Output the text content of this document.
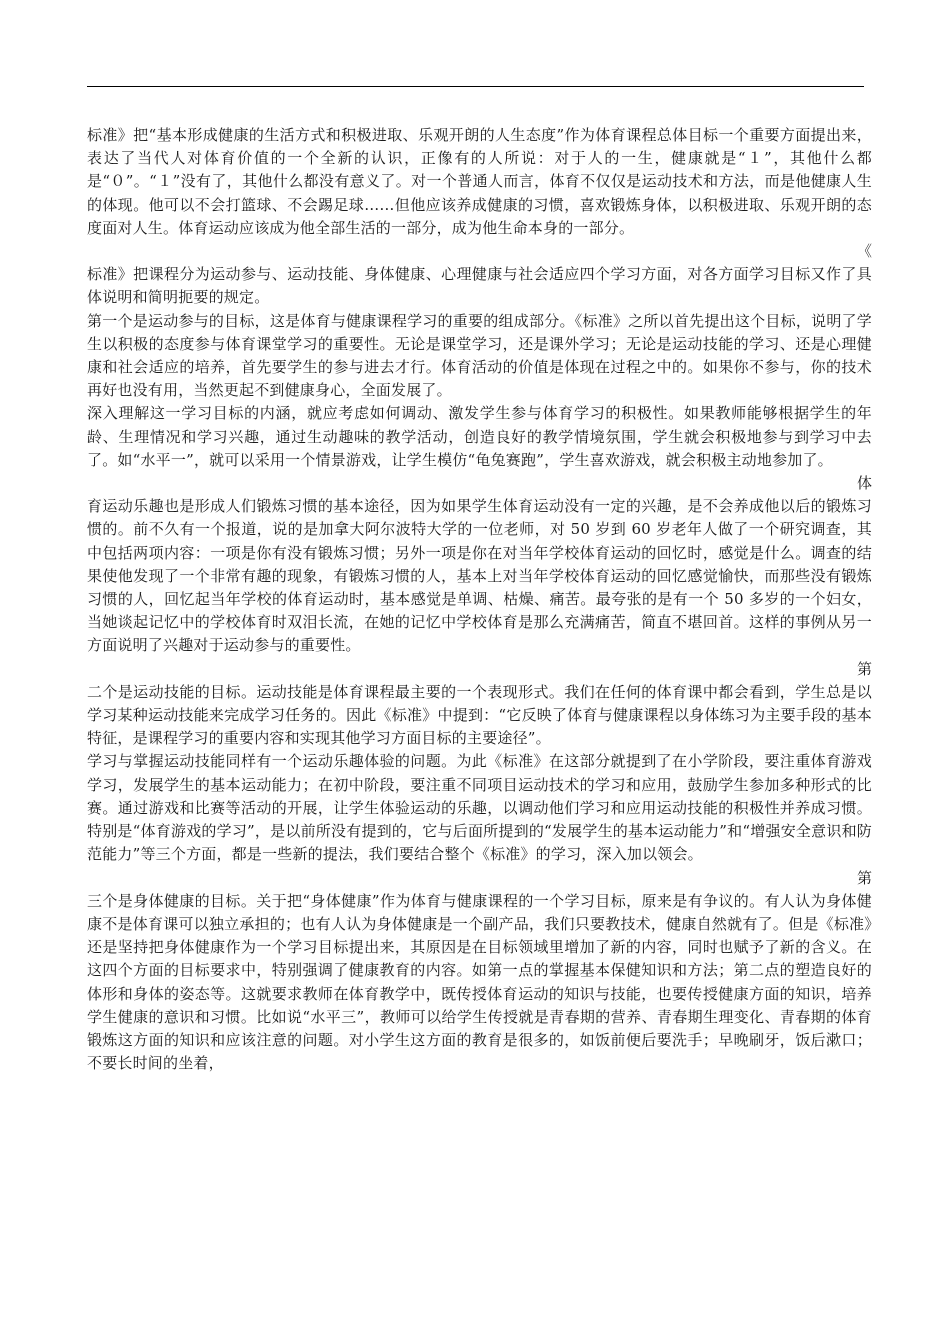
标准》把“基本形成健康的生活方式和积极进取、乐观开朗的人生态度”作为体育课程总体目标一个重要方面提出来，表达了当代人对体育价值的一个全新的认识，正像有的人所说：对于人的一生，健康就是“１”，其他什么都是“０”。“１”没有了，其他什么都没有意义了。对一个普通人而言，体育不仅仅是运动技术和方法，而是他健康人生的体现。他可以不会打篮球、不会踢足球……但他应该养成健康的习惯，喜欢锻炼身体，以积极进取、乐观开朗的态度面对人生。体育运动应该成为他全部生活的一部分，成为他生命本身的一部分。

《

标准》把课程分为运动参与、运动技能、身体健康、心理健康与社会适应四个学习方面，对各方面学习目标又作了具体说明和简明扼要的规定。

第一个是运动参与的目标，这是体育与健康课程学习的重要的组成部分。《标准》之所以首先提出这个目标，说明了学生以积极的态度参与体育课堂学习的重要性。无论是课堂学习，还是课外学习；无论是运动技能的学习、还是心理健康和社会适应的培养，首先要学生的参与进去才行。体育活动的价值是体现在过程之中的。如果你不参与，你的技术再好也没有用，当然更起不到健康身心，全面发展了。

深入理解这一学习目标的内涵，就应考虑如何调动、激发学生参与体育学习的积极性。如果教师能够根据学生的年龄、生理情况和学习兴趣，通过生动趣味的教学活动，创造良好的教学情境氛围，学生就会积极地参与到学习中去了。如“水平一”，就可以采用一个情景游戏，让学生模仿“龟兔赛跑”，学生喜欢游戏，就会积极主动地参加了。

体

育运动乐趣也是形成人们锻炼习惯的基本途径，因为如果学生体育运动没有一定的兴趣，是不会养成他以后的锻炼习惯的。前不久有一个报道，说的是加拿大阿尔波特大学的一位老师，对 50 岁到 60 岁老年人做了一个研究调查，其中包括两项内容：一项是你有没有锻炼习惯；另外一项是你在对当年学校体育运动的回忆时，感觉是什么。调查的结果使他发现了一个非常有趣的现象，有锻炼习惯的人，基本上对当年学校体育运动的回忆感觉愉快，而那些没有锻炼习惯的人，回忆起当年学校的体育运动时，基本感觉是单调、枯燥、痛苦。最夸张的是有一个 50 多岁的一个妇女，当她谈起记忆中的学校体育时双泪长流，在她的记忆中学校体育是那么充满痛苦，简直不堪回首。这样的事例从另一方面说明了兴趣对于运动参与的重要性。

第

二个是运动技能的目标。运动技能是体育课程最主要的一个表现形式。我们在任何的体育课中都会看到，学生总是以学习某种运动技能来完成学习任务的。因此《标准》中提到：“它反映了体育与健康课程以身体练习为主要手段的基本特征，是课程学习的重要内容和实现其他学习方面目标的主要途径”。

学习与掌握运动技能同样有一个运动乐趣体验的问题。为此《标准》在这部分就提到了在小学阶段，要注重体育游戏学习，发展学生的基本运动能力；在初中阶段，要注重不同项目运动技术的学习和应用，鼓励学生参加多种形式的比赛。通过游戏和比赛等活动的开展，让学生体验运动的乐趣，以调动他们学习和应用运动技能的积极性并养成习惯。特别是“体育游戏的学习”，是以前所没有提到的，它与后面所提到的“发展学生的基本运动能力”和“增强安全意识和防范能力”等三个方面，都是一些新的提法，我们要结合整个《标准》的学习，深入加以领会。

第

三个是身体健康的目标。关于把“身体健康”作为体育与健康课程的一个学习目标，原来是有争议的。有人认为身体健康不是体育课可以独立承担的；也有人认为身体健康是一个副产品，我们只要教技术，健康自然就有了。但是《标准》还是坚持把身体健康作为一个学习目标提出来，其原因是在目标领域里增加了新的内容，同时也赋予了新的含义。在这四个方面的目标要求中，特别强调了健康教育的内容。如第一点的掌握基本保健知识和方法；第二点的塑造良好的体形和身体的姿态等。这就要求教师在体育教学中，既传授体育运动的知识与技能，也要传授健康方面的知识，培养学生健康的意识和习惯。比如说“水平三”，教师可以给学生传授就是青春期的营养、青春期生理变化、青春期的体育锻炼这方面的知识和应该注意的问题。对小学生这方面的教育是很多的，如饭前便后要洗手；早晚刷牙，饭后漱口；不要长时间的坐着，
